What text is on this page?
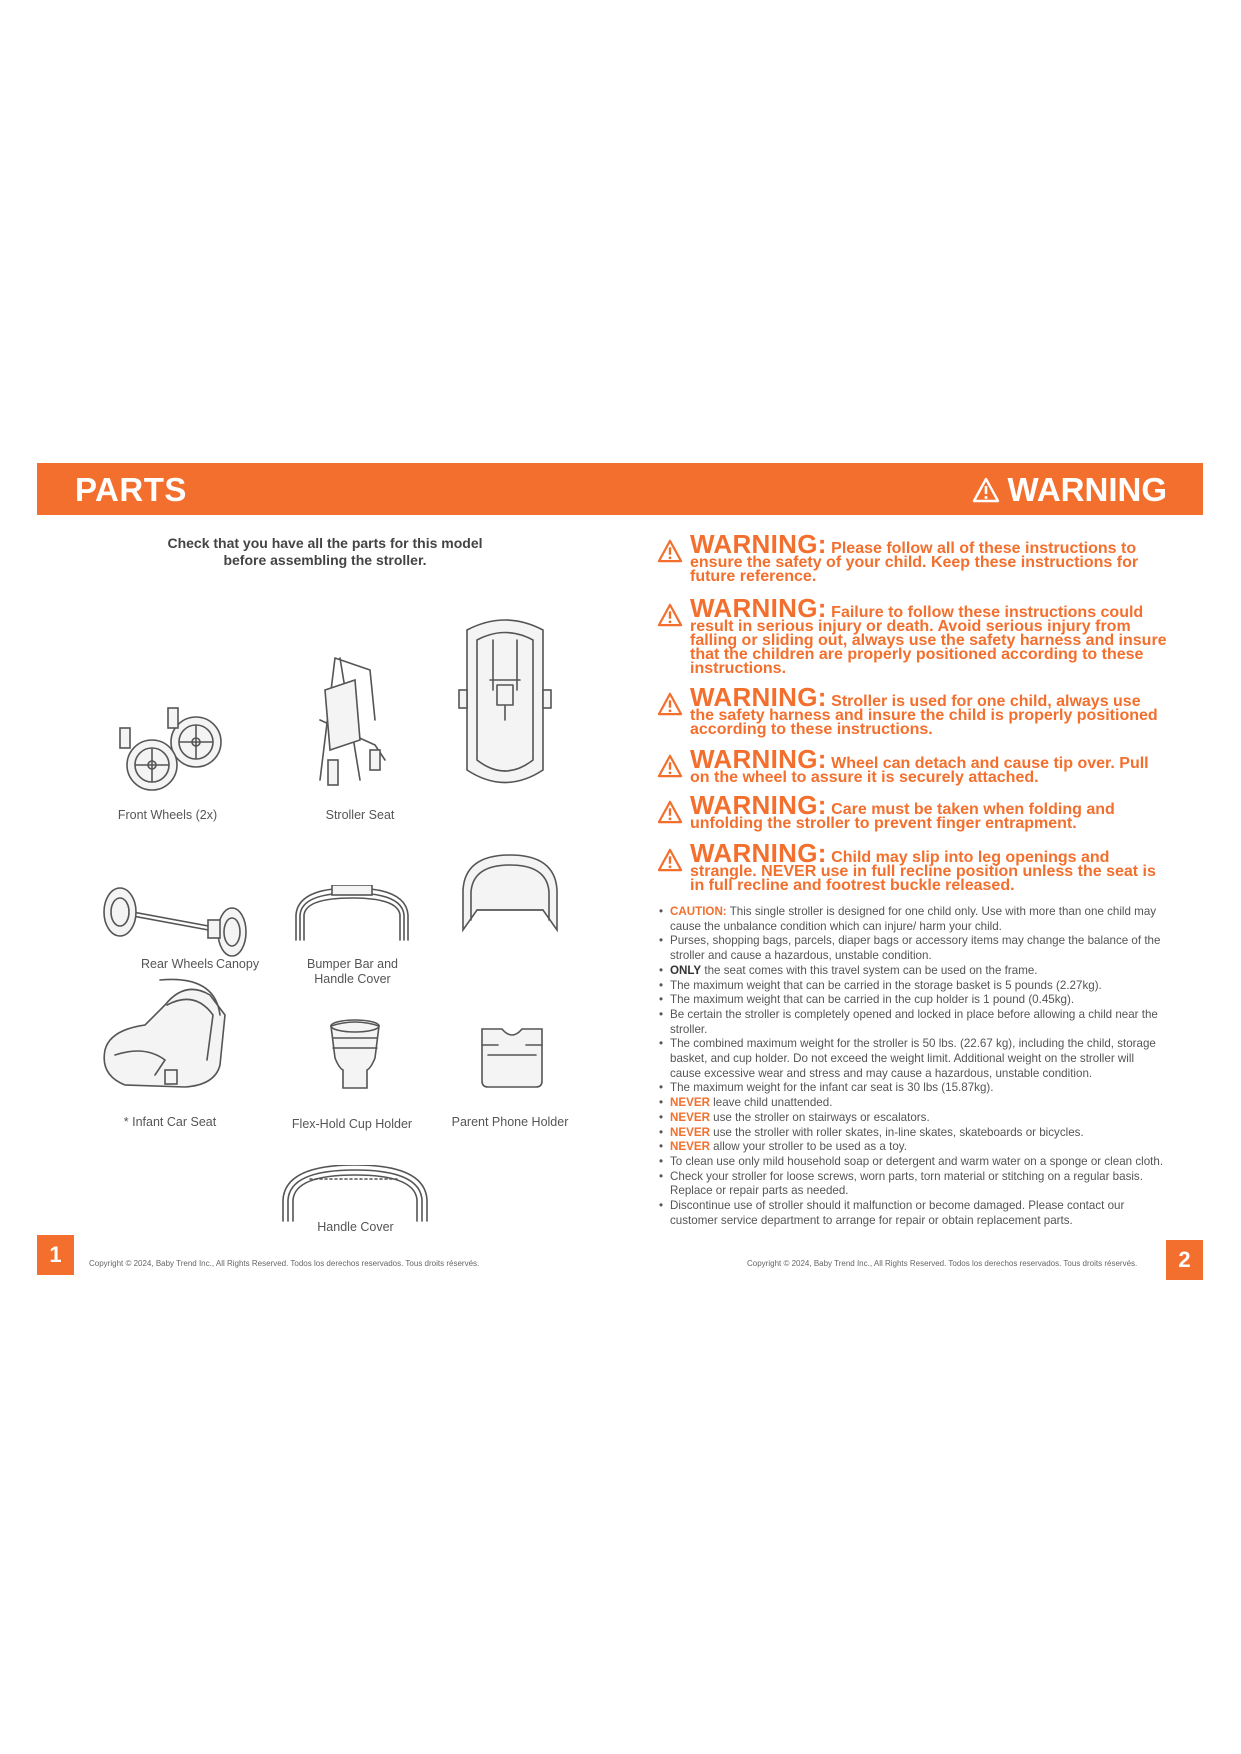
PARTS	WARNING
Check that you have all the parts for this model before assembling the stroller.
Front Wheels (2x)	Stroller Seat
Rear Wheels Canopy	Bumper Bar and Handle Cover
* Infant Car Seat	Flex-Hold Cup Holder	Parent Phone Holder
Handle Cover
1	Copyright © 2024, Baby Trend Inc., All Rights Reserved. Todos los derechos reservados. Tous droits réservés.
WARNING: Please follow all of these instructions to ensure the safety of your child. Keep these instructions for future reference.
WARNING: Failure to follow these instructions could result in serious injury or death. Avoid serious injury from falling or sliding out, always use the safety harness and insure that the children are properly positioned according to these instructions.
WARNING: Stroller is used for one child, always use the safety harness and insure the child is properly positioned according to these instructions.
WARNING: Wheel can detach and cause tip over. Pull on the wheel to assure it is securely attached.
WARNING: Care must be taken when folding and unfolding the stroller to prevent finger entrapment.
WARNING: Child may slip into leg openings and strangle. NEVER use in full recline position unless the seat is in full recline and footrest buckle released.
• CAUTION: This single stroller is designed for one child only. Use with more than one child may cause the unbalance condition which can injure/ harm your child.
• Purses, shopping bags, parcels, diaper bags or accessory items may change the balance of the stroller and cause a hazardous, unstable condition.
• ONLY the seat comes with this travel system can be used on the frame.
• The maximum weight that can be carried in the storage basket is 5 pounds (2.27kg).
• The maximum weight that can be carried in the cup holder is 1 pound (0.45kg).
• Be certain the stroller is completely opened and locked in place before allowing a child near the stroller.
• The combined maximum weight for the stroller is 50 lbs. (22.67 kg), including the child, storage basket, and cup holder. Do not exceed the weight limit. Additional weight on the stroller will cause excessive wear and stress and may cause a hazardous, unstable condition.
• The maximum weight for the infant car seat is 30 lbs (15.87kg).
• NEVER leave child unattended.
• NEVER use the stroller on stairways or escalators.
• NEVER use the stroller with roller skates, in-line skates, skateboards or bicycles.
• NEVER allow your stroller to be used as a toy.
• To clean use only mild household soap or detergent and warm water on a sponge or clean cloth.
• Check your stroller for loose screws, worn parts, torn material or stitching on a regular basis. Replace or repair parts as needed.
• Discontinue use of stroller should it malfunction or become damaged. Please contact our customer service department to arrange for repair or obtain replacement parts.
2
Copyright © 2024, Baby Trend Inc., All Rights Reserved. Todos los derechos reservados. Tous droits réservés.
